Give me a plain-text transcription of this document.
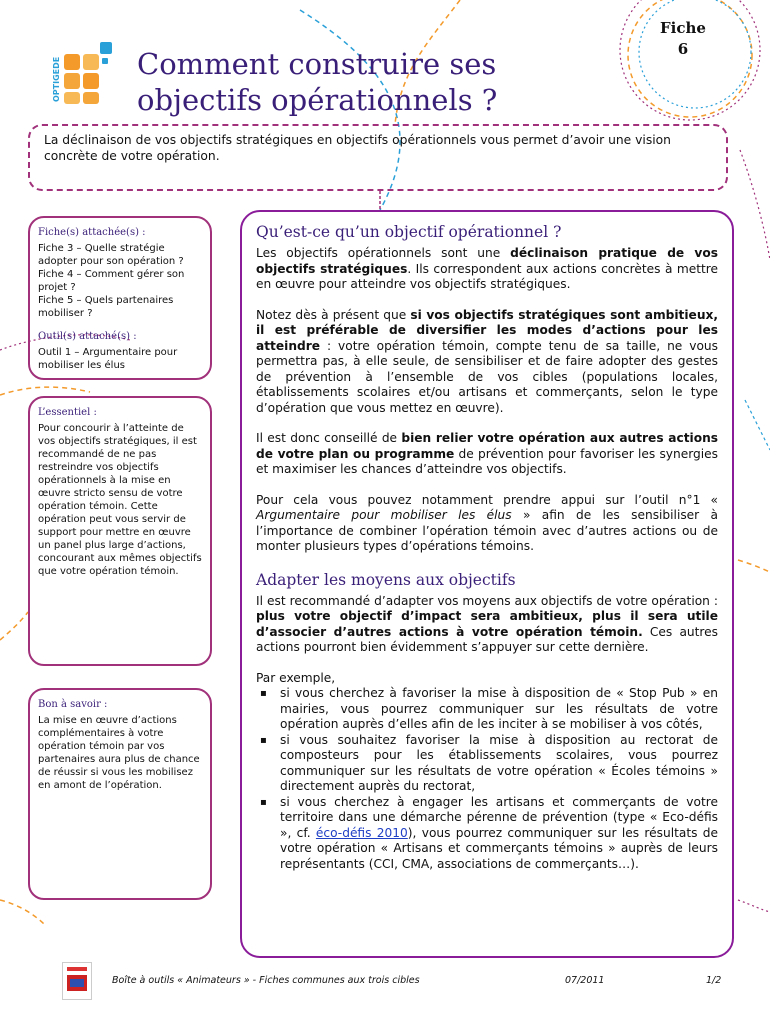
OPTIGEDE	Comment construire ses
objectifs opérationnels ?
Fiche
6
La déclinaison de vos objectifs stratégiques en objectifs opérationnels vous permet d’avoir une vision concrète de votre opération.
Fiche(s) attachée(s) :
Fiche 3 – Quelle stratégie adopter pour son opération ?
Fiche 4 – Comment gérer son projet ?
Fiche 5 – Quels partenaires mobiliser ?
Outil(s) attaché(s) :
Outil 1 – Argumentaire pour mobiliser les élus
L’essentiel :

Pour concourir à l’atteinte de vos objectifs stratégiques, il est recommandé de ne pas restreindre vos objectifs opérationnels à la mise en œuvre stricto sensu de votre opération témoin. Cette opération peut vous servir de support pour mettre en œuvre un panel plus large d’actions, concourant aux mêmes objectifs que votre opération témoin.

Bon à savoir :

La mise en œuvre d’actions complémentaires à votre opération témoin par vos partenaires aura plus de chance de réussir si vous les mobilisez en amont de l’opération.

Qu’est-ce qu’un objectif opérationnel ?

Les objectifs opérationnels sont une déclinaison pratique de vos objectifs stratégiques. Ils correspondent aux actions concrètes à mettre en œuvre pour atteindre vos objectifs stratégiques.

Notez dès à présent que si vos objectifs stratégiques sont ambitieux, il est préférable de diversifier les modes d’actions pour les atteindre : votre opération témoin, compte tenu de sa taille, ne vous permettra pas, à elle seule, de sensibiliser et de faire adopter des gestes de prévention à l’ensemble de vos cibles (populations locales, établissements scolaires et/ou artisans et commerçants, selon le type d’opération que vous mettez en œuvre).

Il est donc conseillé de bien relier votre opération aux autres actions de votre plan ou programme de prévention pour favoriser les synergies et maximiser les chances d’atteindre vos objectifs.

Pour cela vous pouvez notamment prendre appui sur l’outil n°1 « Argumentaire pour mobiliser les élus » afin de les sensibiliser à l’importance de combiner l’opération témoin avec d’autres actions ou de monter plusieurs types d’opérations témoins.

Adapter les moyens aux objectifs

Il est recommandé d’adapter vos moyens aux objectifs de votre opération : plus votre objectif d’impact sera ambitieux, plus il sera utile d’associer d’autres actions à votre opération témoin. Ces autres actions pourront bien évidemment s’appuyer sur cette dernière.

Par exemple,
▪ si vous cherchez à favoriser la mise à disposition de « Stop Pub » en mairies, vous pourrez communiquer sur les résultats de votre opération auprès d’elles afin de les inciter à se mobiliser à vos côtés,
▪ si vous souhaitez favoriser la mise à disposition au rectorat de composteurs pour les établissements scolaires, vous pourrez communiquer sur les résultats de votre opération « Écoles témoins » directement auprès du rectorat,
▪ si vous cherchez à engager les artisans et commerçants de votre territoire dans une démarche pérenne de prévention (type « Eco-défis », cf. éco-défis 2010), vous pourrez communiquer sur les résultats de votre opération « Artisans et commerçants témoins » auprès de leurs représentants (CCI, CMA, associations de commerçants…).
Boîte à outils « Animateurs » - Fiches communes aux trois cibles	07/2011	1/2
